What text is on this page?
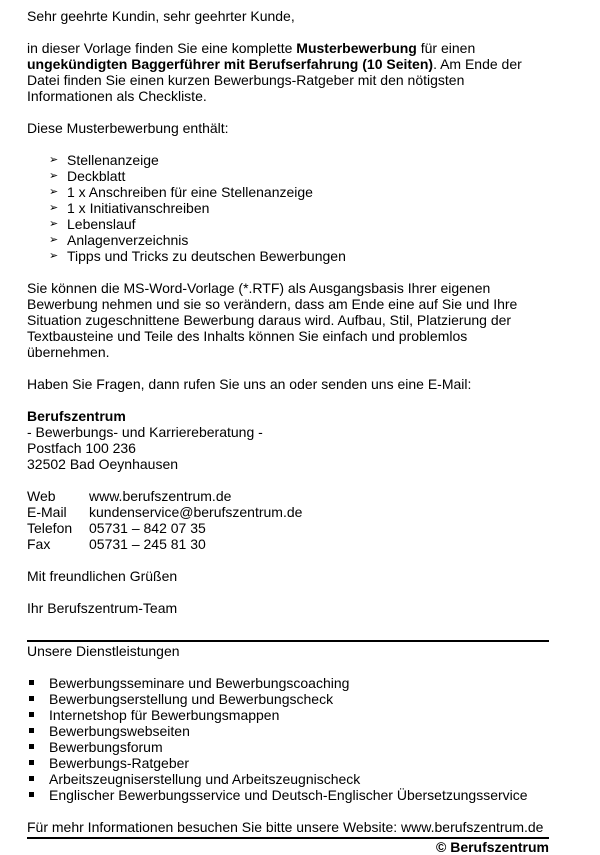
Sehr geehrte Kundin, sehr geehrter Kunde,

in dieser Vorlage finden Sie eine komplette Musterbewerbung für einen ungekündigten Baggerführer mit Berufserfahrung (10 Seiten). Am Ende der Datei finden Sie einen kurzen Bewerbungs-Ratgeber mit den nötigsten Informationen als Checkliste.

Diese Musterbewerbung enthält:

➢ Stellenanzeige
➢ Deckblatt
➢ 1 x Anschreiben für eine Stellenanzeige
➢ 1 x Initiativanschreiben
➢ Lebenslauf
➢ Anlagenverzeichnis
➢ Tipps und Tricks zu deutschen Bewerbungen

Sie können die MS-Word-Vorlage (*.RTF) als Ausgangsbasis Ihrer eigenen Bewerbung nehmen und sie so verändern, dass am Ende eine auf Sie und Ihre Situation zugeschnittene Bewerbung daraus wird. Aufbau, Stil, Platzierung der Textbausteine und Teile des Inhalts können Sie einfach und problemlos übernehmen.

Haben Sie Fragen, dann rufen Sie uns an oder senden uns eine E-Mail:

Berufszentrum

- Bewerbungs- und Karriereberatung -

Postfach 100 236

32502 Bad Oeynhausen

Web	www.berufszentrum.de
E-Mail	kundenservice@berufszentrum.de
Telefon	05731 – 842 07 35
Fax	05731 – 245 81 30

Mit freundlichen Grüßen

Ihr Berufszentrum-Team

Unsere Dienstleistungen

Bewerbungsseminare und Bewerbungscoaching
Bewerbungserstellung und Bewerbungscheck
Internetshop für Bewerbungsmappen
Bewerbungswebseiten
Bewerbungsforum
Bewerbungs-Ratgeber
Arbeitszeugniserstellung und Arbeitszeugnischeck
Englischer Bewerbungsservice und Deutsch-Englischer Übersetzungsservice

Für mehr Informationen besuchen Sie bitte unsere Website: www.berufszentrum.de

© Berufszentrum
